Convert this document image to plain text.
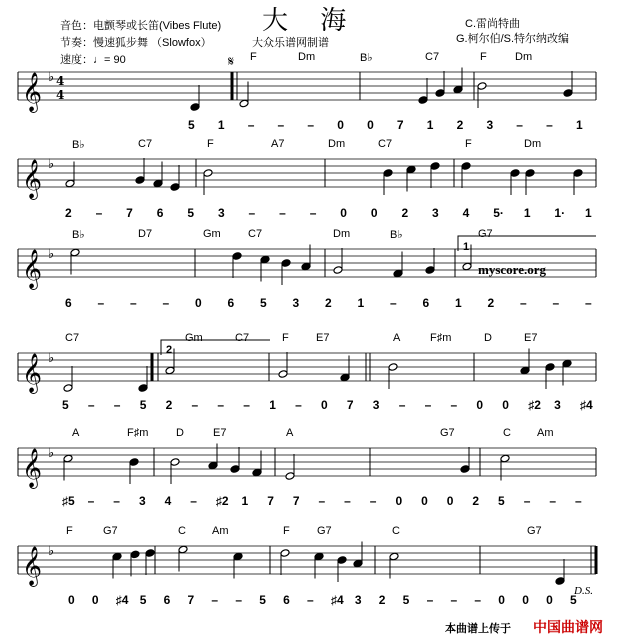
大 海
音色：电颤琴或长笛(Vibes Flute)
节奏：慢速狐步舞 （Slowfox）
速度：♩= 90
大众乐谱网制谱
C.雷尚特曲
G.柯尔伯/S.特尔纳改编
𝄞 ♭
𝄞 ♭
𝄞 ♭
𝄞 ♭
𝄞 ♭
𝄞 ♭
4
4
𝄋
1
2
F	Dm	B♭	C7	F	Dm
B♭	C7	F	A7	Dm	C7	F	Dm
B♭	D7	Gm C7	Dm	B♭	G7
C7	Gm	C7	F E7	A	F♯m	D	E7
A	F♯m	D	E7	A	G7	C Am
F	G7	C Am	F G7	C	G7
5 1 – – – 0 0 7 1 2 3 – – 1
2 – 7 6 5 3 – – – 0 0 2 3 4 5· 1 1· 1
6 – – – 0 6 5 3 2 1 – 6 1 2 – – –
5 – – 5 2 – – – 1 – 0 7 3 – – – 0 0 ♯2 3 ♯4
♯5 – – 3 4 – ♯2 1 7 7 – – – 0 0 0 2 5 – – –
0 0 ♯4 5 6 7 – – 5 6 – ♯4 3 2 5 – – – 0 0 0 5
myscore.org
D.S.
本曲谱上传于 中国曲谱网
